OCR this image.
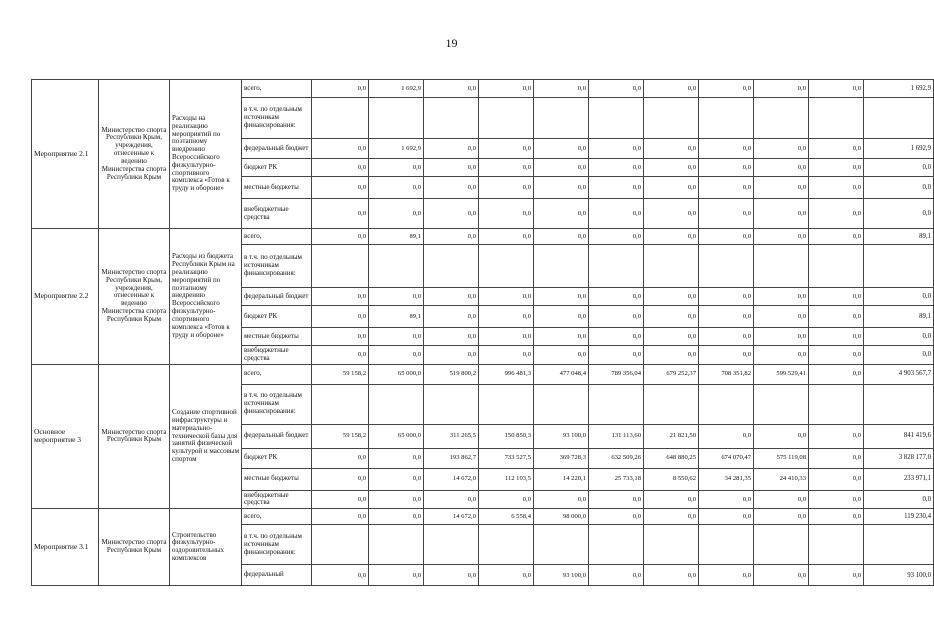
19
Мероприятие 2.1	Министерство спорта Республики Крым, учреждения, отнесенные к ведению Министерства спорта Республики Крым	Расходы на реализацию мероприятий по поэтапному внедрению Всероссийского физкультурно-спортивного комплекса «Готов к труду и обороне»	всего,	0,0	1 692,9	0,0	0,0	0,0	0,0	0,0	0,0	0,0	0,0	1 692,9
			в т.ч. по отдельным источникам финансирования:											
			федеральный бюджет	0,0	1 692,9	0,0	0,0	0,0	0,0	0,0	0,0	0,0	0,0	1 692,9
			бюджет РК	0,0	0,0	0,0	0,0	0,0	0,0	0,0	0,0	0,0	0,0	0,0
			местные бюджеты	0,0	0,0	0,0	0,0	0,0	0,0	0,0	0,0	0,0	0,0	0,0
			внебюджетные средства	0,0	0,0	0,0	0,0	0,0	0,0	0,0	0,0	0,0	0,0	0,0
Мероприятие 2.2	Министерство спорта Республики Крым, учреждения, отнесенные к ведению Министерства спорта Республики Крым	Расходы из бюджета Республики Крым на реализацию мероприятий по поэтапному внедрению Всероссийского физкультурно-спортивного комплекса «Готов к труду и обороне»	всего,	0,0	89,1	0,0	0,0	0,0	0,0	0,0	0,0	0,0	0,0	89,1
			в т.ч. по отдельным источникам финансирования:											
			федеральный бюджет	0,0	0,0	0,0	0,0	0,0	0,0	0,0	0,0	0,0	0,0	0,0
			бюджет РК	0,0	89,1	0,0	0,0	0,0	0,0	0,0	0,0	0,0	0,0	89,1
			местные бюджеты	0,0	0,0	0,0	0,0	0,0	0,0	0,0	0,0	0,0	0,0	0,0
			внебюджетные средства	0,0	0,0	0,0	0,0	0,0	0,0	0,0	0,0	0,0	0,0	0,0
Основное мероприятие 3	Министерство спорта Республики Крым	Создание спортивной инфраструктуры и материально-технической базы для занятий физической культурой и массовым спортом	всего,	59 158,2	65 000,0	519 800,2	996 481,3	477 048,4	789 356,04	679 252,37	708 351,82	599 529,41	0,0	4 903 567,7
			в т.ч. по отдельным источникам финансирования:											
			федеральный бюджет	59 158,2	65 000,0	311 265,5	150 850,3	93 100,0	131 113,60	21 821,50	0,0	0,0	0,0	841 419,6
			бюджет РК	0,0	0,0	193 862,7	733 527,5	369 728,3	632 509,26	648 880,25	674 070,47	575 119,08	0,0	3 828 177,0
			местные бюджеты	0,0	0,0	14 672,0	112 103,5	14 220,1	25 733,18	8 550,62	34 281,35	24 410,33	0,0	233 971,1
			внебюджетные средства	0,0	0,0	0,0	0,0	0,0	0,0	0,0	0,0	0,0	0,0	0,0
Мероприятие 3.1	Министерство спорта Республики Крым	Строительство физкультурно-оздоровительных комплексов	всего,	0,0	0,0	14 672,0	6 558,4	98 000,0	0,0	0,0	0,0	0,0	0,0	119 230,4
			в т.ч. по отдельным источникам финансирования:											
			федеральный	0,0	0,0	0,0	0,0	93 100,0	0,0	0,0	0,0	0,0	0,0	93 100,0
